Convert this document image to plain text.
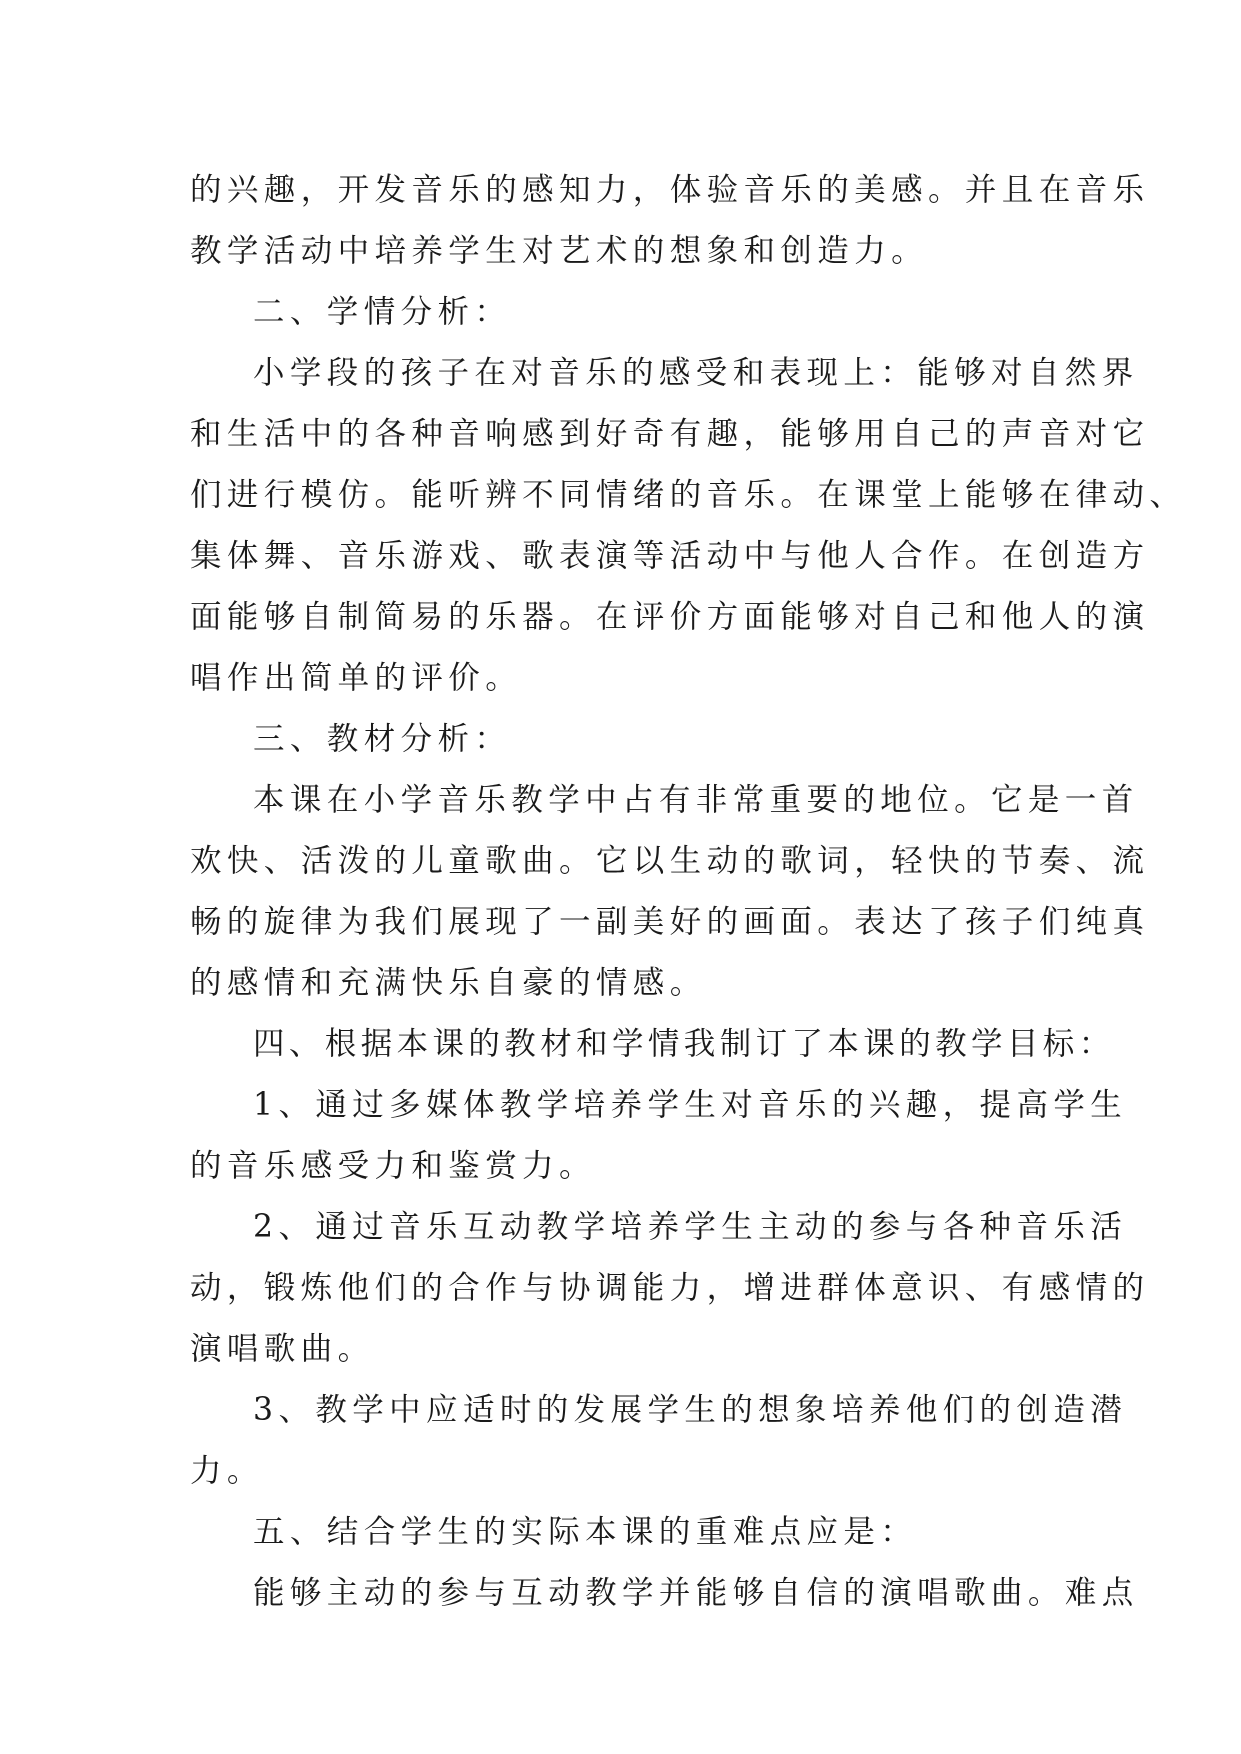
的兴趣，开发音乐的感知力，体验音乐的美感。并且在音乐
教学活动中培养学生对艺术的想象和创造力。
二、学情分析：
小学段的孩子在对音乐的感受和表现上：能够对自然界
和生活中的各种音响感到好奇有趣，能够用自己的声音对它
们进行模仿。能听辨不同情绪的音乐。在课堂上能够在律动、
集体舞、音乐游戏、歌表演等活动中与他人合作。在创造方
面能够自制简易的乐器。在评价方面能够对自己和他人的演
唱作出简单的评价。
三、教材分析：
本课在小学音乐教学中占有非常重要的地位。它是一首
欢快、活泼的儿童歌曲。它以生动的歌词，轻快的节奏、流
畅的旋律为我们展现了一副美好的画面。表达了孩子们纯真
的感情和充满快乐自豪的情感。
四、根据本课的教材和学情我制订了本课的教学目标：
1、通过多媒体教学培养学生对音乐的兴趣，提高学生
的音乐感受力和鉴赏力。
2、通过音乐互动教学培养学生主动的参与各种音乐活
动，锻炼他们的合作与协调能力，增进群体意识、有感情的
演唱歌曲。
3、教学中应适时的发展学生的想象培养他们的创造潜
力。
五、结合学生的实际本课的重难点应是：
能够主动的参与互动教学并能够自信的演唱歌曲。难点
